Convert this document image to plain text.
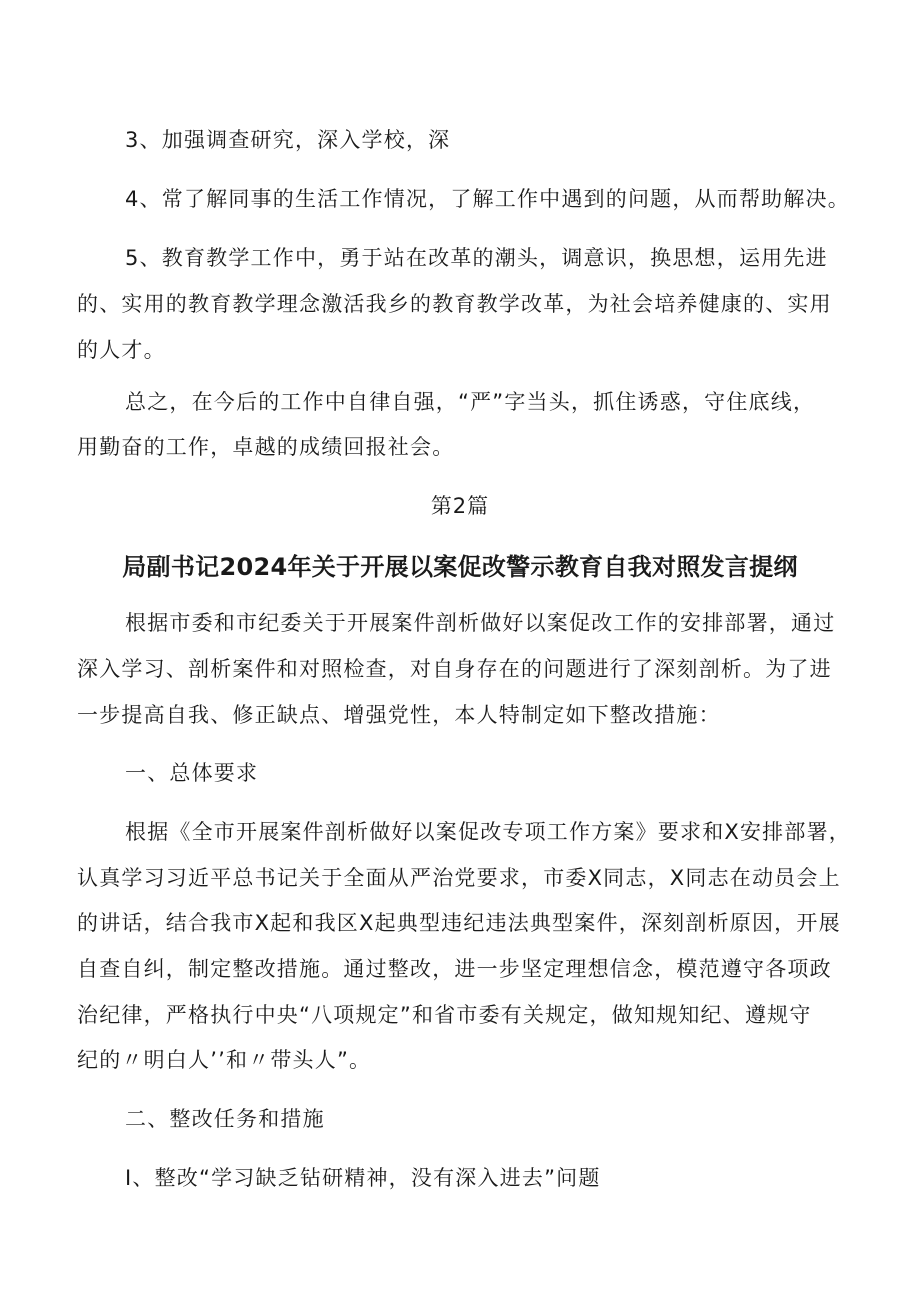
3、加强调查研究，深入学校，深
4、常了解同事的生活工作情况，了解工作中遇到的问题，从而帮助解决。
5、教育教学工作中，勇于站在改革的潮头，调意识，换思想，运用先进
的、实用的教育教学理念激活我乡的教育教学改革，为社会培养健康的、实用
的人才。
总之，在今后的工作中自律自强，“严”字当头，抓住诱惑，守住底线，
用勤奋的工作，卓越的成绩回报社会。
第2篇
局副书记2024年关于开展以案促改警示教育自我对照发言提纲
根据市委和市纪委关于开展案件剖析做好以案促改工作的安排部署，通过
深入学习、剖析案件和对照检查，对自身存在的问题进行了深刻剖析。为了进
一步提高自我、修正缺点、增强党性，本人特制定如下整改措施：
一、总体要求
根据《全市开展案件剖析做好以案促改专项工作方案》要求和X安排部署，
认真学习习近平总书记关于全面从严治党要求，市委X同志，X同志在动员会上
的讲话，结合我市X起和我区X起典型违纪违法典型案件，深刻剖析原因，开展
自查自纠，制定整改措施。通过整改，进一步坚定理想信念，模范遵守各项政
治纪律，严格执行中央“八项规定”和省市委有关规定，做知规知纪、遵规守
纪的〃明白人’’和〃带头人”。
二、整改任务和措施
I、整改“学习缺乏钻研精神，没有深入进去”问题
